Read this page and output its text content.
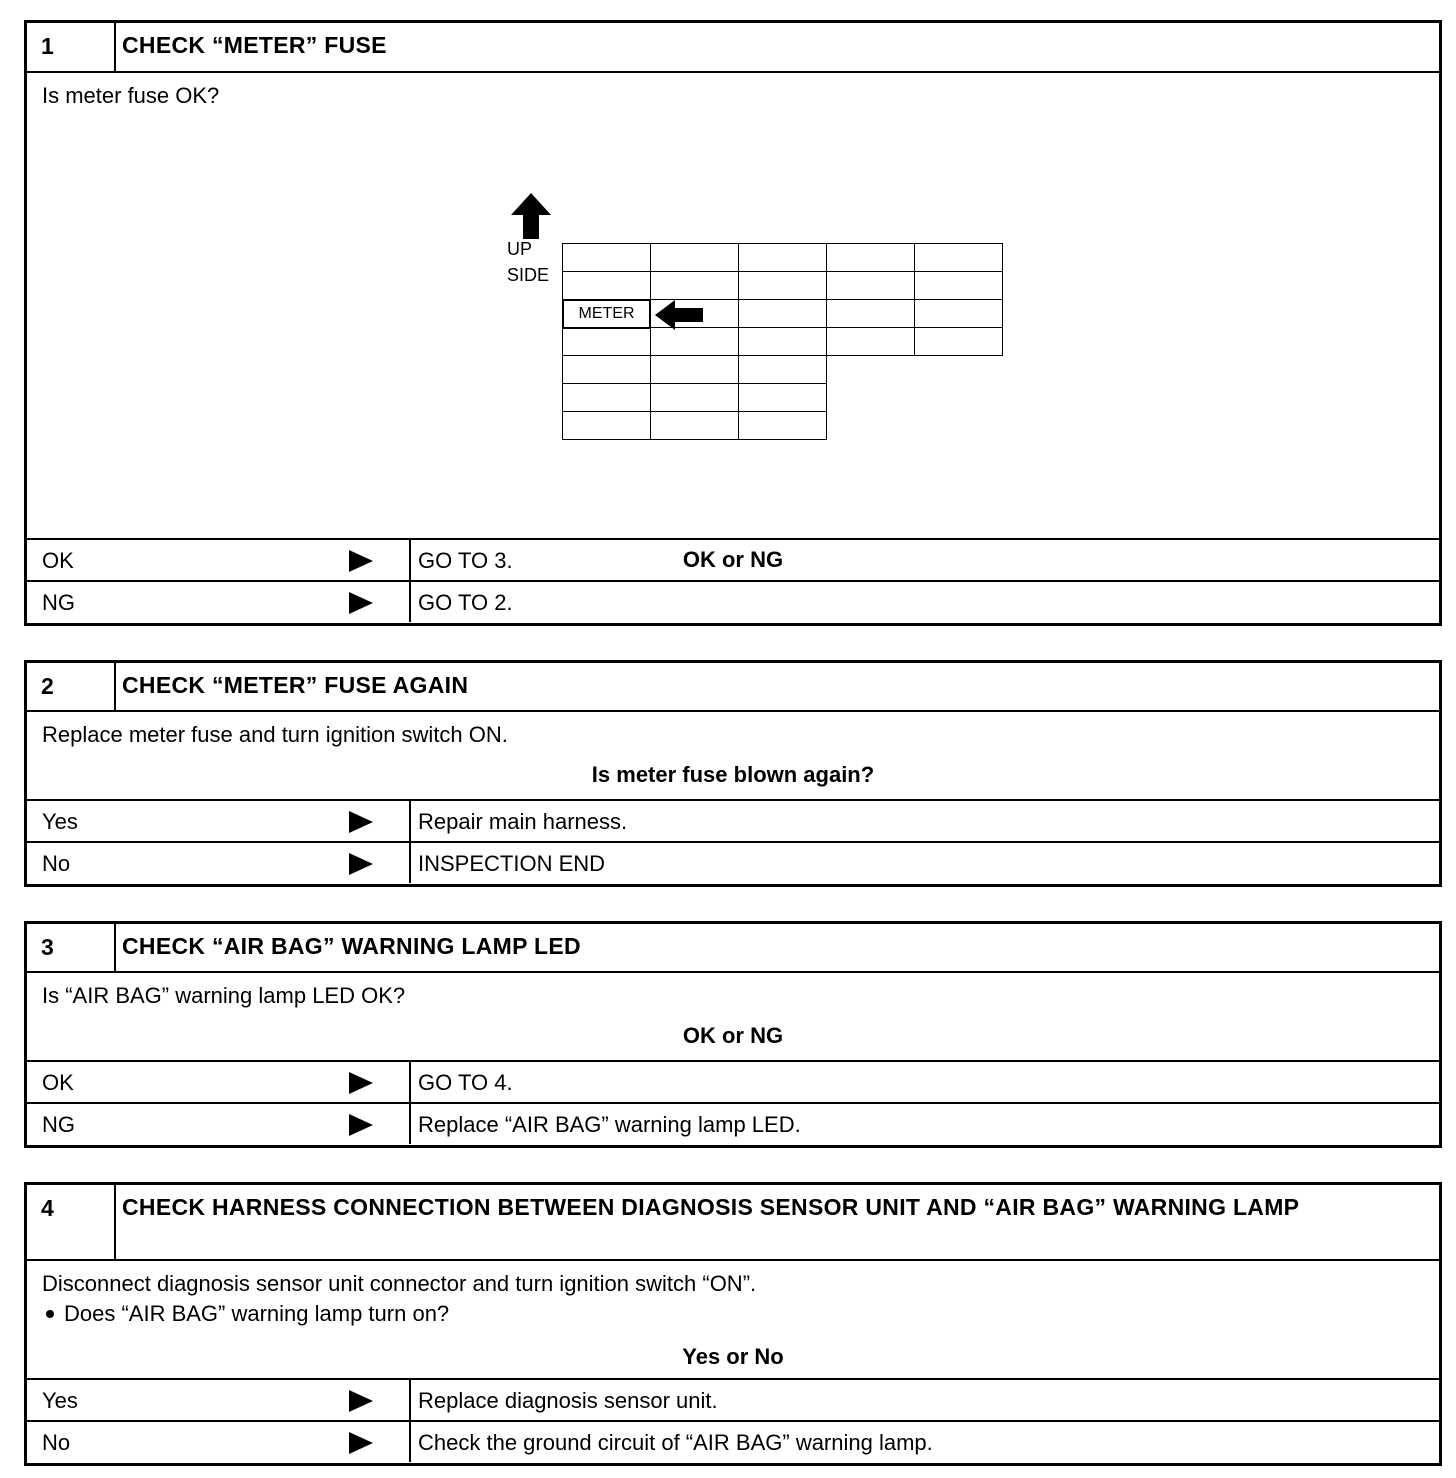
1	CHECK “METER” FUSE
Is meter fuse OK?
UP
SIDE
METER
OK or NG
OK	GO TO 3.
NG	GO TO 2.
2	CHECK “METER” FUSE AGAIN
Replace meter fuse and turn ignition switch ON.
Is meter fuse blown again?
Yes	Repair main harness.
No	INSPECTION END
3	CHECK “AIR BAG” WARNING LAMP LED
Is “AIR BAG” warning lamp LED OK?
OK or NG
OK	GO TO 4.
NG	Replace “AIR BAG” warning lamp LED.
4	CHECK HARNESS CONNECTION BETWEEN DIAGNOSIS SENSOR UNIT AND “AIR BAG” WARNING LAMP
Disconnect diagnosis sensor unit connector and turn ignition switch “ON”.
Does “AIR BAG” warning lamp turn on?
Yes or No
Yes	Replace diagnosis sensor unit.
No	Check the ground circuit of “AIR BAG” warning lamp.
